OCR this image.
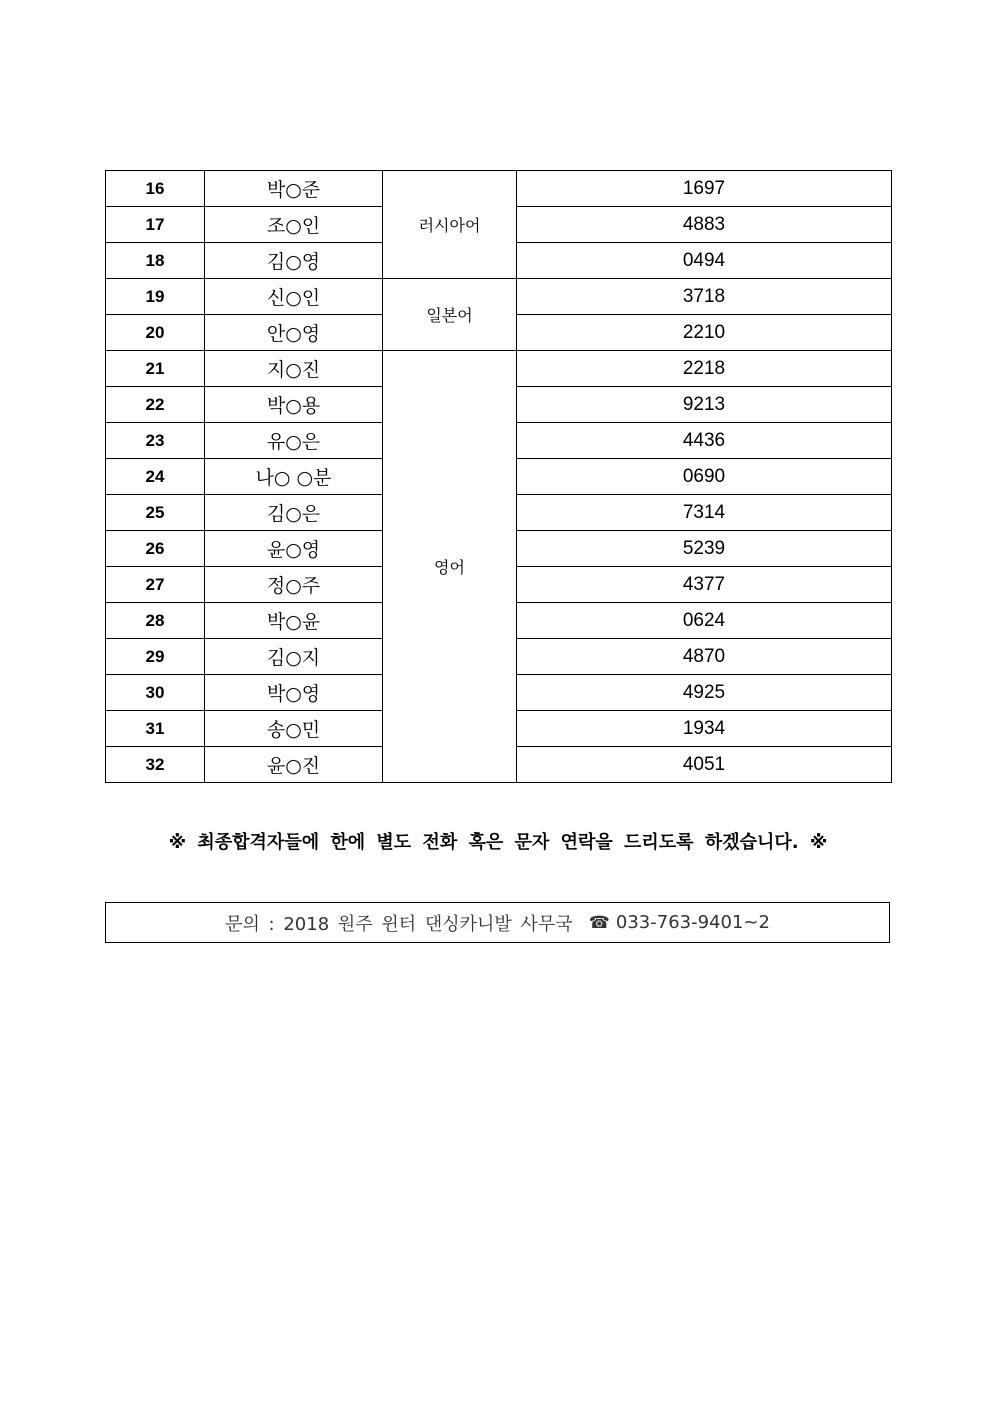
16	박○준	러시아어	1697
17	조○인		4883
18	김○영		0494
19	신○인	일본어	3718
20	안○영		2210
21	지○진	영어	2218
22	박○용		9213
23	유○은		4436
24	나○ ○분		0690
25	김○은		7314
26	윤○영		5239
27	정○주		4377
28	박○윤		0624
29	김○지		4870
30	박○영		4925
31	송○민		1934
32	윤○진		4051
※ 최종합격자들에 한에 별도 전화 혹은 문자 연락을 드리도록 하겠습니다. ※
문의 : 2018 원주 윈터 댄싱카니발 사무국 ☎ 033-763-9401~2
